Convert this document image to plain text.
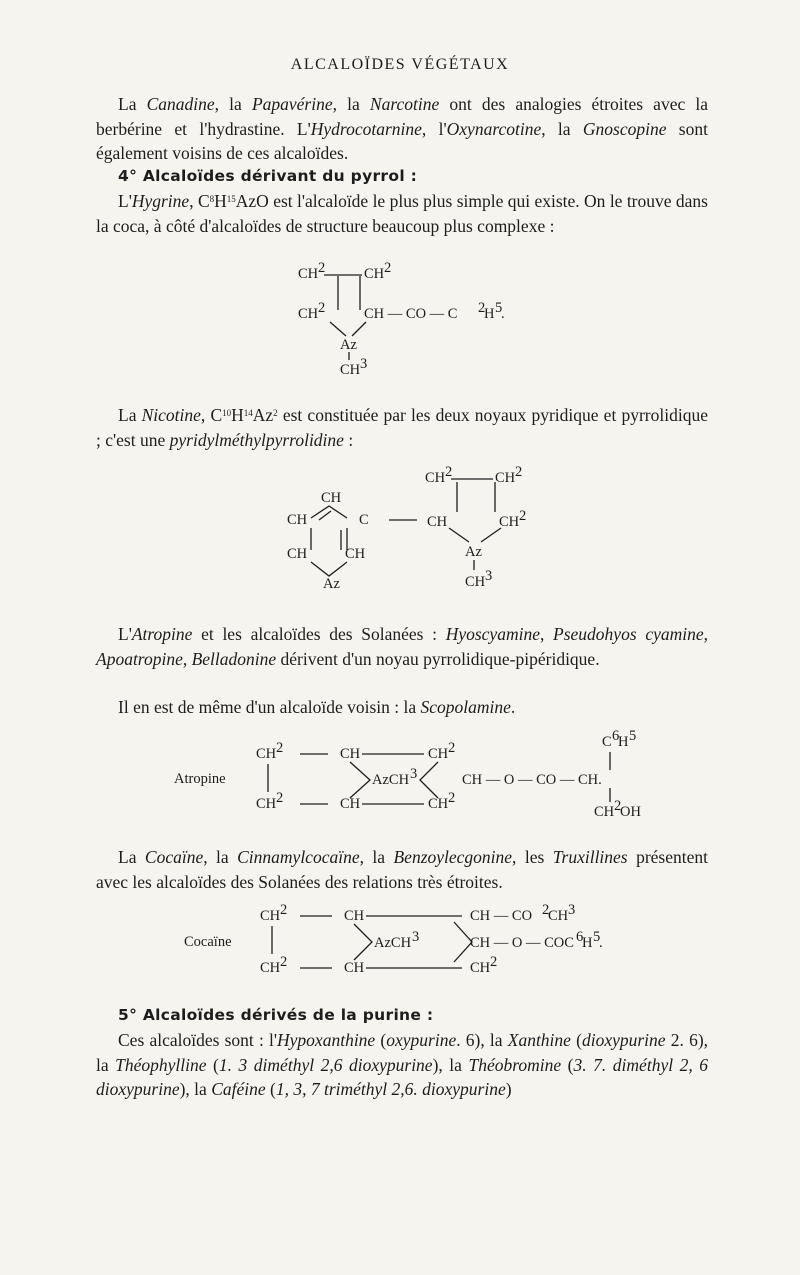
ALCALOÏDES VÉGÉTAUX
La Canadine, la Papavérine, la Narcotine ont des analogies étroites avec la berbérine et l'hydrastine. L'Hydrocotarnine, l'Oxynarcotine, la Gnoscopine sont également voisins de ces alcaloïdes.
4° Alcaloïdes dérivant du pyrrol :
L'Hygrine, $C^8H^{15}AzO$ est l'alcaloïde le plus plus simple qui existe. On le trouve dans la coca, à côté d'alcaloïdes de structure beaucoup plus complexe :
CH 2	CH 2
CH 2	CH — CO — C 2
H 5
.
Az
CH 3
La Nicotine, $C^{10}H^{14}Az^2$ est constituée par les deux noyaux pyridique et pyrrolidique ; c'est une pyridylméthylpyrrolidine :
CH
CH
CH
C
CH
Az
CH 2	CH 2
CH	CH 2
Az
CH 3
L'Atropine et les alcaloïdes des Solanées : Hyoscyamine, Pseudohyos cyamine, Apoatropine, Belladonine dérivent d'un noyau pyrrolidique-pipéridique.
Il en est de même d'un alcaloïde voisin : la Scopolamine.
Atropine
CH 2	CH	CH 2
AzCH 3
CH 2	CH	CH 2
CH — O — CO — CH.
C 6
H 5
CH 2
OH
La Cocaïne, la Cinnamylcocaïne, la Benzoylecgonine, les Truxillines présentent avec les alcaloïdes des Solanées des relations très étroites.
Cocaïne
CH 2	CH	CH — CO 2
CH 3
AzCH 3	CH — O — COC 6
H 5
.
CH 2	CH	CH 2
5° Alcaloïdes dérivés de la purine :
Ces alcaloïdes sont : l'Hypoxanthine (oxypurine. 6), la Xanthine (dioxypurine 2. 6), la Théophylline (1. 3 diméthyl 2,6 dioxypurine), la Théobromine (3. 7. diméthyl 2, 6 dioxypurine), la Caféine (1, 3, 7 triméthyl 2,6. dioxypurine)
